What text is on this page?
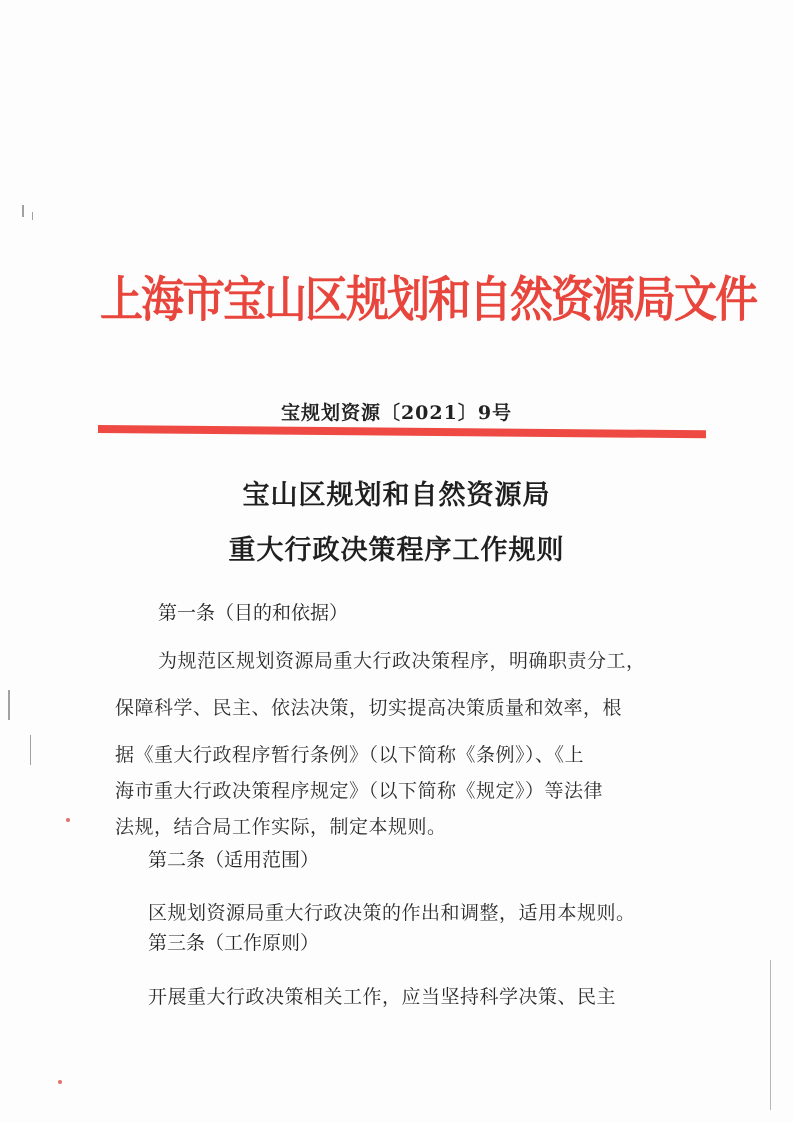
上海市宝山区规划和自然资源局文件
宝规划资源〔2021〕9号
宝山区规划和自然资源局
重大行政决策程序工作规则
第一条（目的和依据）
为规范区规划资源局重大行政决策程序，明确职责分工，
保障科学、民主、依法决策，切实提高决策质量和效率，根
据《重大行政程序暂行条例》（以下简称《条例》）、《上
海市重大行政决策程序规定》（以下简称《规定》）等法律
法规，结合局工作实际，制定本规则。
第二条（适用范围）
区规划资源局重大行政决策的作出和调整，适用本规则。
第三条（工作原则）
开展重大行政决策相关工作，应当坚持科学决策、民主
